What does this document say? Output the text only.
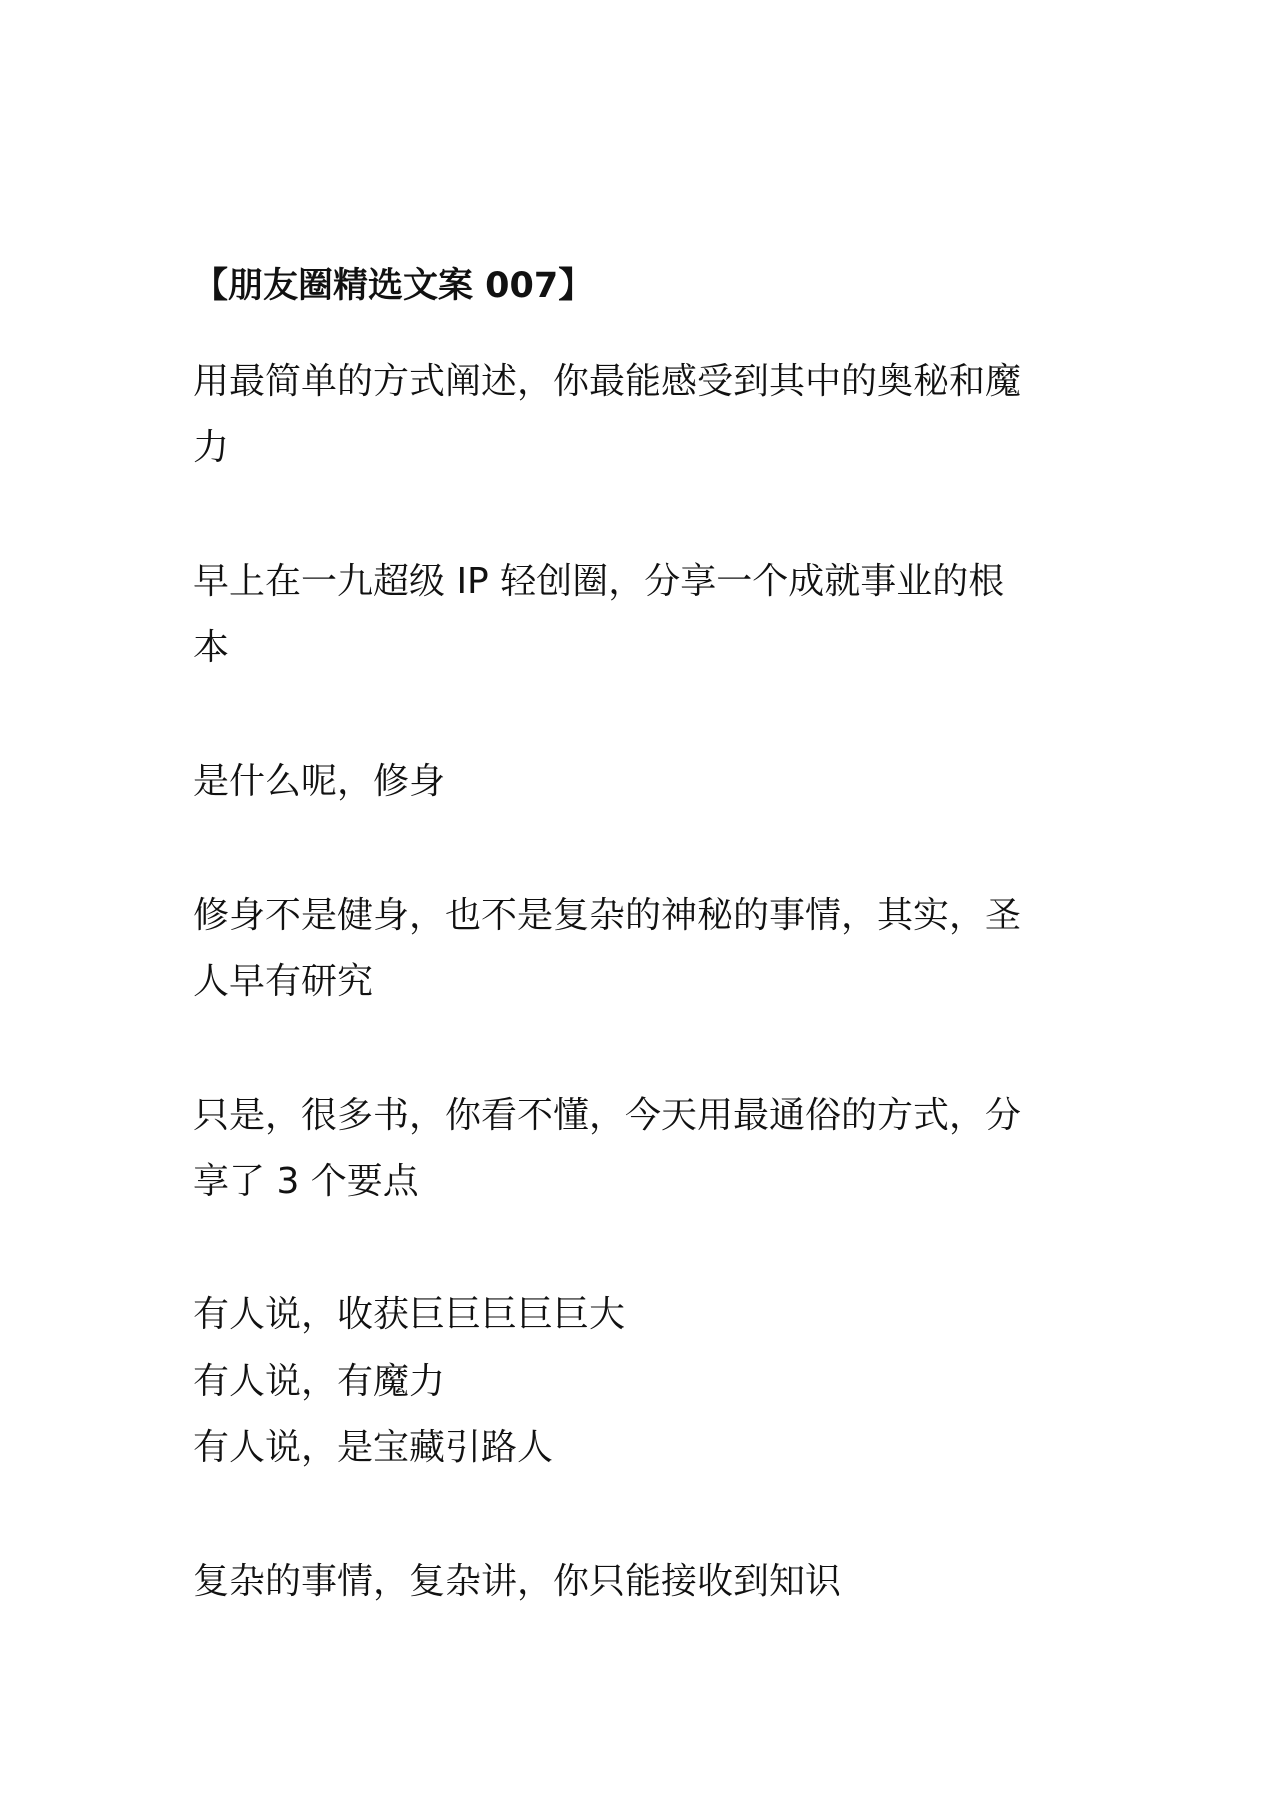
【朋友圈精选文案 007】
用最简单的方式阐述，你最能感受到其中的奥秘和魔
力
早上在一九超级 IP 轻创圈，分享一个成就事业的根
本
是什么呢，修身
修身不是健身，也不是复杂的神秘的事情，其实，圣
人早有研究
只是，很多书，你看不懂，今天用最通俗的方式，分
享了 3 个要点
有人说，收获巨巨巨巨巨大
有人说，有魔力
有人说，是宝藏引路人
复杂的事情，复杂讲，你只能接收到知识
